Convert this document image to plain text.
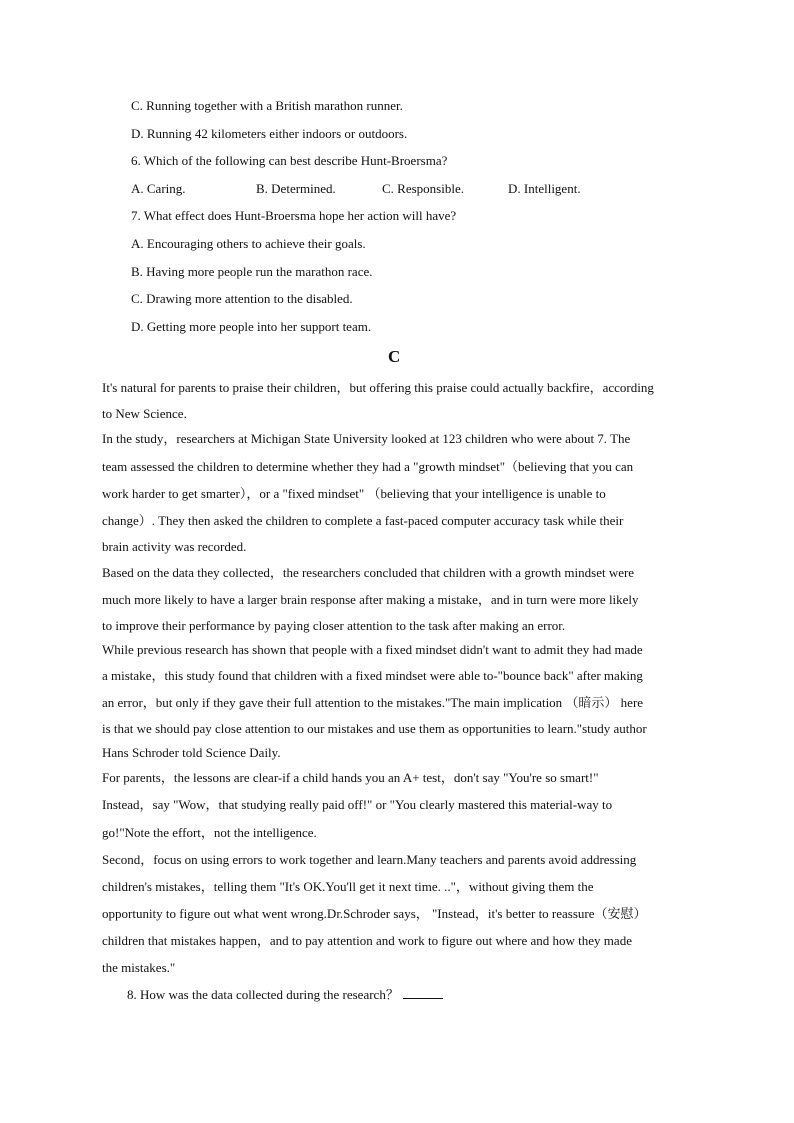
C. Running together with a British marathon runner.
D. Running 42 kilometers either indoors or outdoors.
6. Which of the following can best describe Hunt-Broersma?
A. Caring.	B. Determined.	C. Responsible.	D. Intelligent.
7. What effect does Hunt-Broersma hope her action will have?
A. Encouraging others to achieve their goals.
B. Having more people run the marathon race.
C. Drawing more attention to the disabled.
D. Getting more people into her support team.
C
It's natural for parents to praise their children，but offering this praise could actually backfire，according
to New Science.
In the study，researchers at Michigan State University looked at 123 children who were about 7. The
team assessed the children to determine whether they had a "growth mindset"（believing that you can
work harder to get smarter），or a "fixed mindset" （believing that your intelligence is unable to
change）. They then asked the children to complete a fast-paced computer accuracy task while their
brain activity was recorded.
Based on the data they collected，the researchers concluded that children with a growth mindset were
much more likely to have a larger brain response after making a mistake，and in turn were more likely
to improve their performance by paying closer attention to the task after making an error.
While previous research has shown that people with a fixed mindset didn't want to admit they had made
a mistake，this study found that children with a fixed mindset were able to-"bounce back" after making
an error，but only if they gave their full attention to the mistakes."The main implication （暗示） here
is that we should pay close attention to our mistakes and use them as opportunities to learn."study author
Hans Schroder told Science Daily.
For parents，the lessons are clear-if a child hands you an A+ test，don't say "You're so smart!"
Instead，say "Wow，that studying really paid off!" or "You clearly mastered this material-way to
go!"Note the effort，not the intelligence.
Second，focus on using errors to work together and learn.Many teachers and parents avoid addressing
children's mistakes，telling them "It's OK.You'll get it next time. .."，without giving them the
opportunity to figure out what went wrong.Dr.Schroder says， "Instead，it's better to reassure（安慰）
children that mistakes happen，and to pay attention and work to figure out where and how they made
the mistakes."
8. How was the data collected during the research？
